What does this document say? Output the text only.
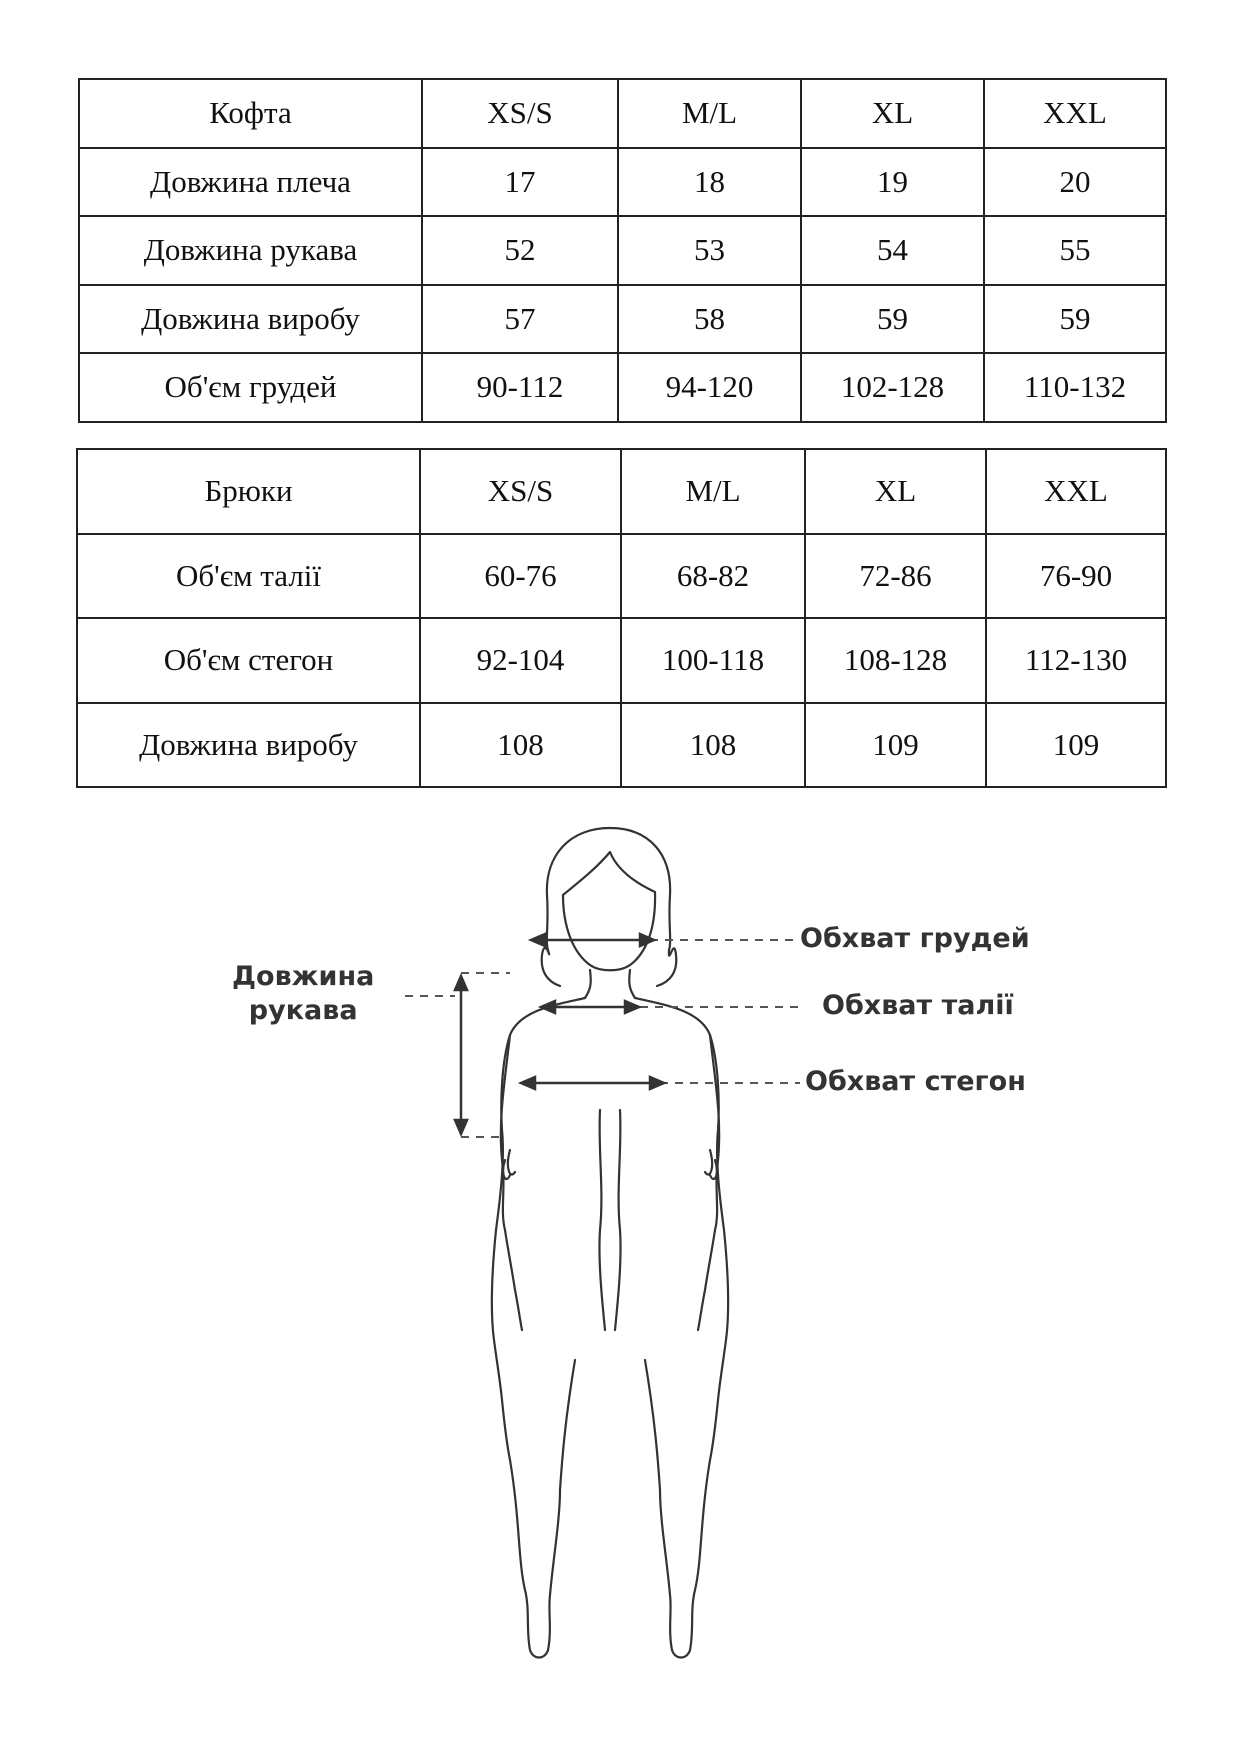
Кофта	XS/S	M/L	XL	XXL
Довжина плеча	17	18	19	20
Довжина рукава	52	53	54	55
Довжина виробу	57	58	59	59
Об'єм грудей	90-112	94-120	102-128	110-132
Брюки	XS/S	M/L	XL	XXL
Об'єм талії	60-76	68-82	72-86	76-90
Об'єм стегон	92-104	100-118	108-128	112-130
Довжина виробу	108	108	109	109
Довжина
рукава
Обхват грудей
Обхват талії
Обхват стегон
